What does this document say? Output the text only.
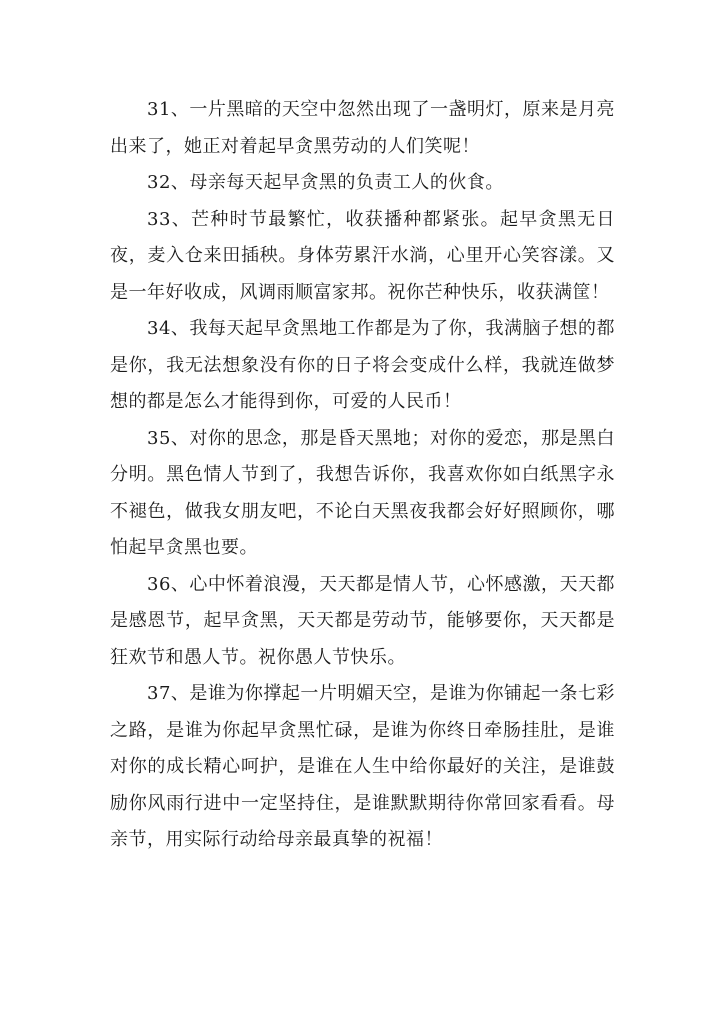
31、一片黑暗的天空中忽然出现了一盏明灯，原来是月亮出来了，她正对着起早贪黑劳动的人们笑呢！

32、母亲每天起早贪黑的负责工人的伙食。

33、芒种时节最繁忙，收获播种都紧张。起早贪黑无日夜，麦入仓来田插秧。身体劳累汗水淌，心里开心笑容漾。又是一年好收成，风调雨顺富家邦。祝你芒种快乐，收获满筐！

34、我每天起早贪黑地工作都是为了你，我满脑子想的都是你，我无法想象没有你的日子将会变成什么样，我就连做梦想的都是怎么才能得到你，可爱的人民币！

35、对你的思念，那是昏天黑地；对你的爱恋，那是黑白分明。黑色情人节到了，我想告诉你，我喜欢你如白纸黑字永不褪色，做我女朋友吧，不论白天黑夜我都会好好照顾你，哪怕起早贪黑也要。

36、心中怀着浪漫，天天都是情人节，心怀感激，天天都是感恩节，起早贪黑，天天都是劳动节，能够要你，天天都是狂欢节和愚人节。祝你愚人节快乐。

37、是谁为你撑起一片明媚天空，是谁为你铺起一条七彩之路，是谁为你起早贪黑忙碌，是谁为你终日牵肠挂肚，是谁对你的成长精心呵护，是谁在人生中给你最好的关注，是谁鼓励你风雨行进中一定坚持住，是谁默默期待你常回家看看。母亲节，用实际行动给母亲最真挚的祝福！
